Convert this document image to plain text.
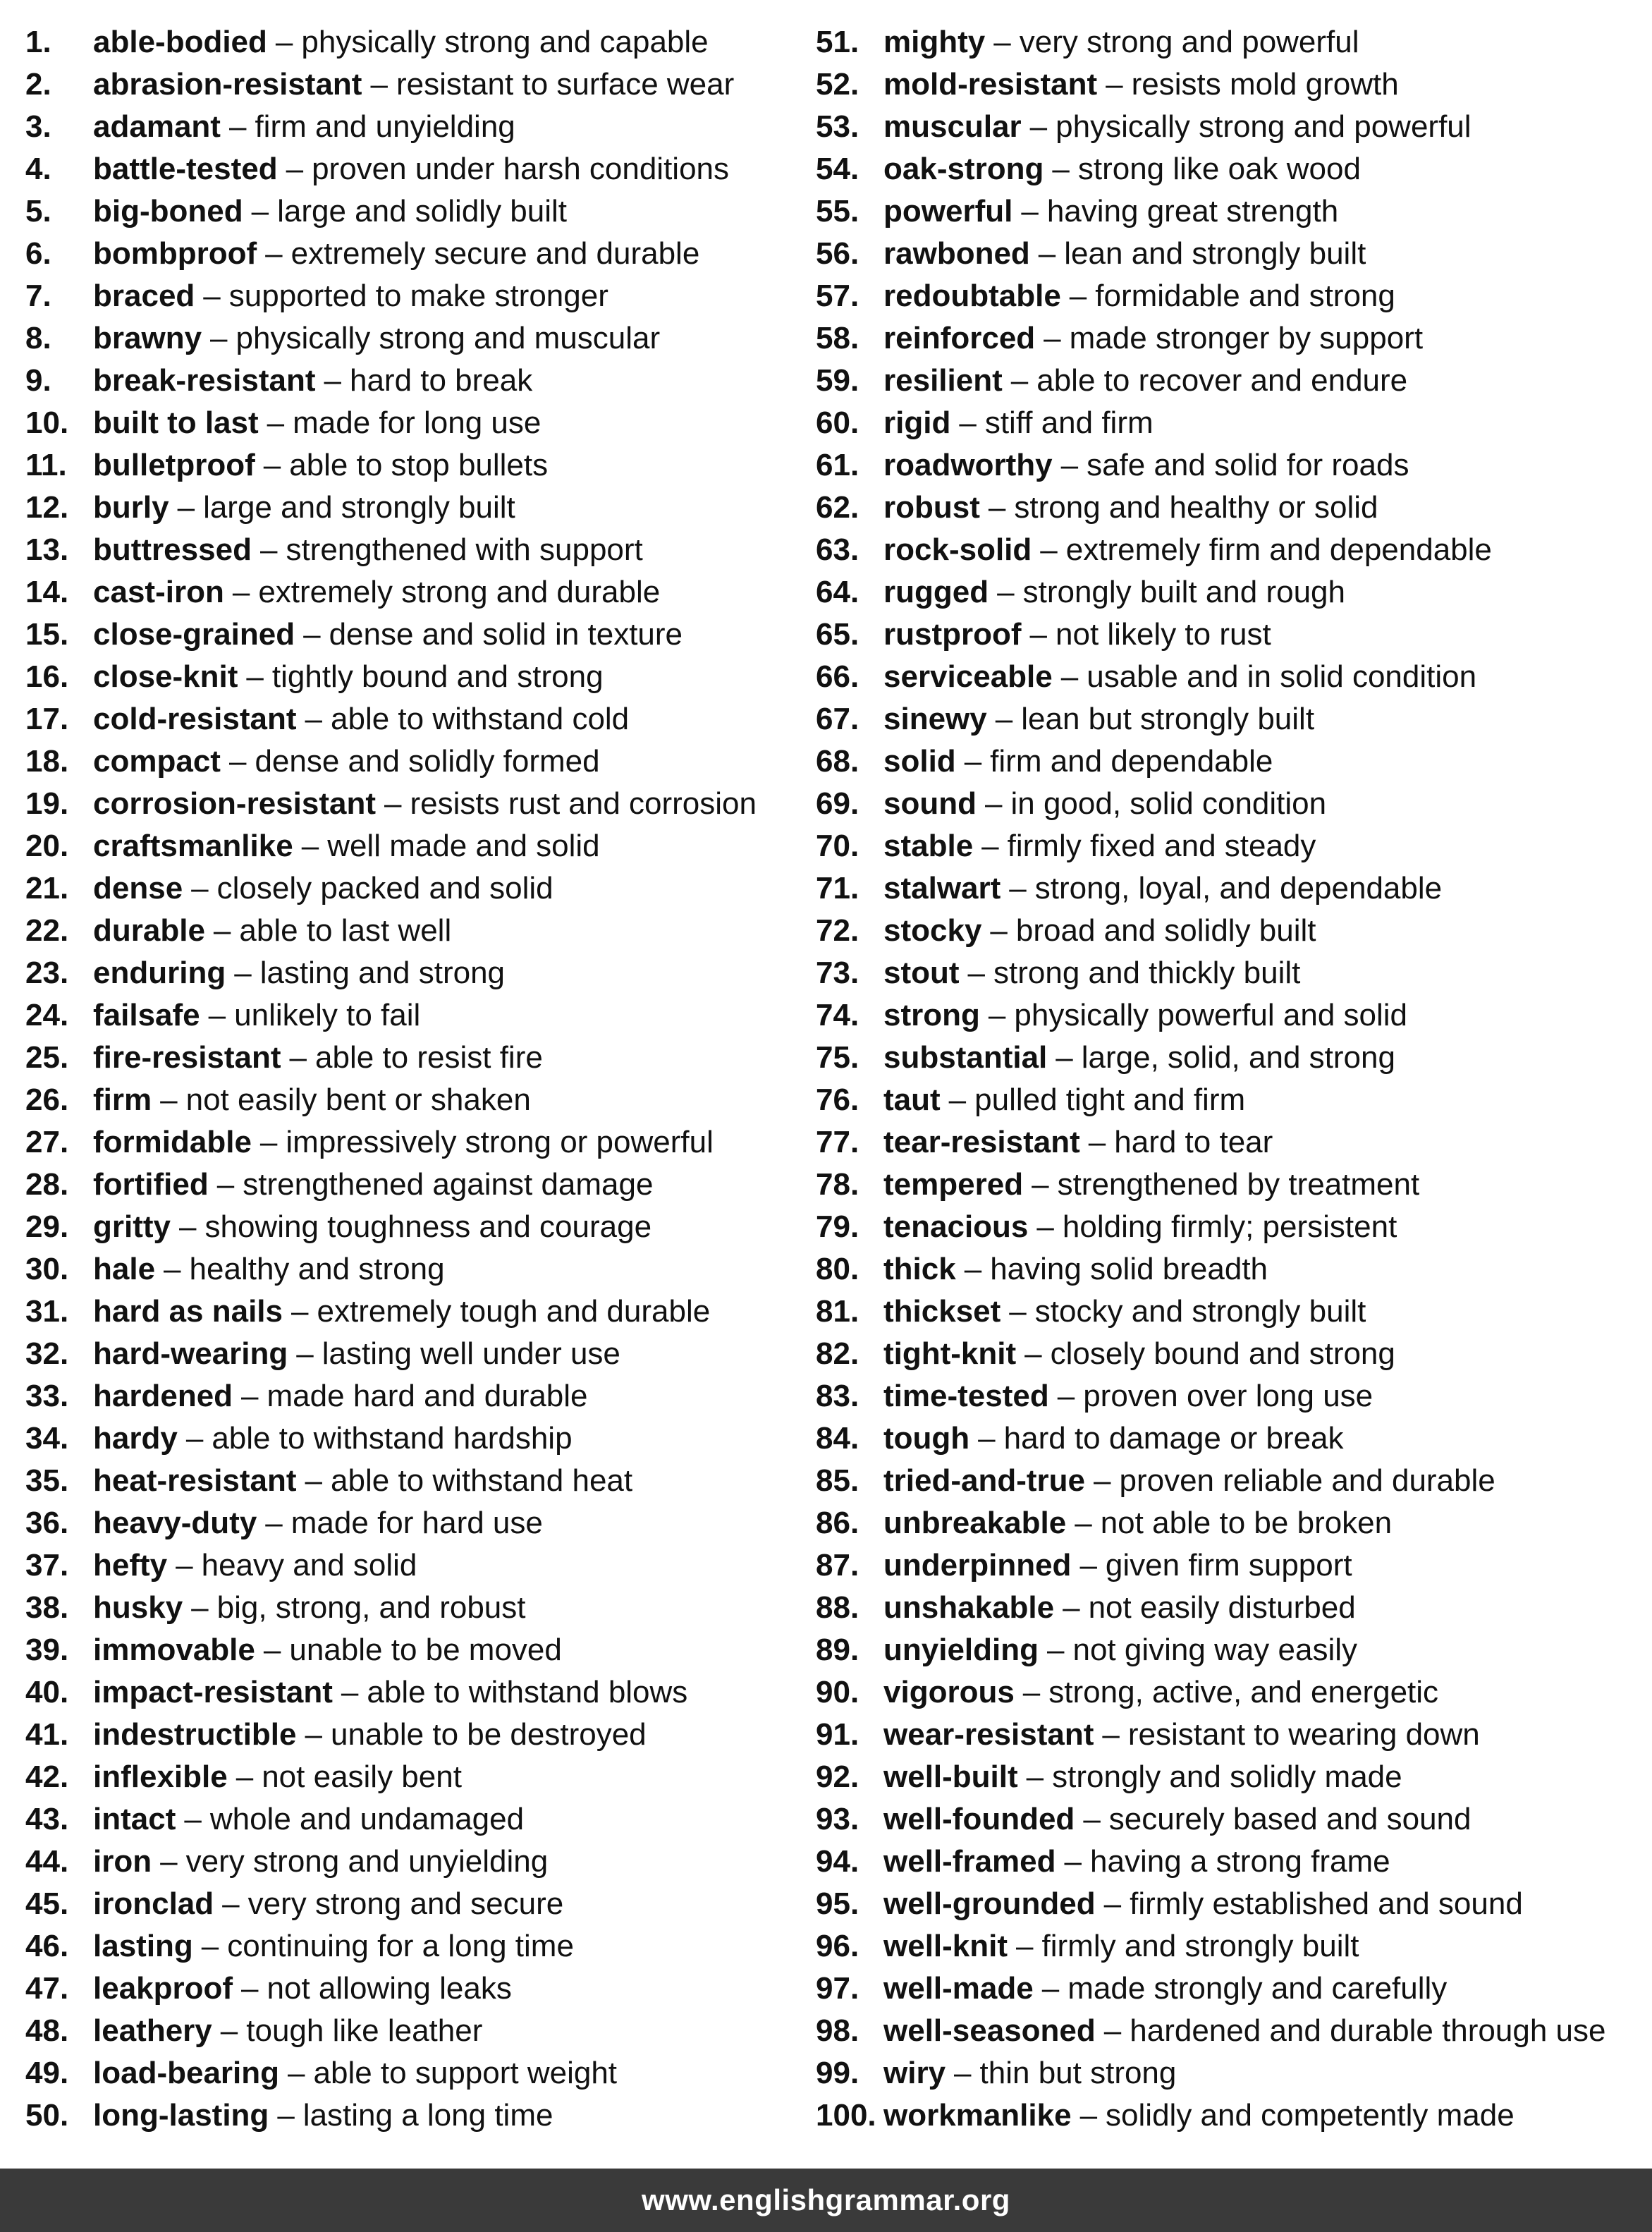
1.	able-bodied – physically strong and capable
2.	abrasion-resistant – resistant to surface wear
3.	adamant – firm and unyielding
4.	battle-tested – proven under harsh conditions
5.	big-boned – large and solidly built
6.	bombproof – extremely secure and durable
7.	braced – supported to make stronger
8.	brawny – physically strong and muscular
9.	break-resistant – hard to break
10. built to last – made for long use
11. bulletproof – able to stop bullets
12. burly – large and strongly built
13. buttressed – strengthened with support
14. cast-iron – extremely strong and durable
15. close-grained – dense and solid in texture
16. close-knit – tightly bound and strong
17. cold-resistant – able to withstand cold
18. compact – dense and solidly formed
19. corrosion-resistant – resists rust and corrosion
20. craftsmanlike – well made and solid
21. dense – closely packed and solid
22. durable – able to last well
23. enduring – lasting and strong
24. failsafe – unlikely to fail
25. fire-resistant – able to resist fire
26. firm – not easily bent or shaken
27. formidable – impressively strong or powerful
28. fortified – strengthened against damage
29. gritty – showing toughness and courage
30. hale – healthy and strong
31. hard as nails – extremely tough and durable
32. hard-wearing – lasting well under use
33. hardened – made hard and durable
34. hardy – able to withstand hardship
35. heat-resistant – able to withstand heat
36. heavy-duty – made for hard use
37. hefty – heavy and solid
38. husky – big, strong, and robust
39. immovable – unable to be moved
40. impact-resistant – able to withstand blows
41. indestructible – unable to be destroyed
42. inflexible – not easily bent
43. intact – whole and undamaged
44. iron – very strong and unyielding
45. ironclad – very strong and secure
46. lasting – continuing for a long time
47. leakproof – not allowing leaks
48. leathery – tough like leather
49. load-bearing – able to support weight
50. long-lasting – lasting a long time
51. mighty – very strong and powerful
52. mold-resistant – resists mold growth
53. muscular – physically strong and powerful
54. oak-strong – strong like oak wood
55. powerful – having great strength
56. rawboned – lean and strongly built
57. redoubtable – formidable and strong
58. reinforced – made stronger by support
59. resilient – able to recover and endure
60. rigid – stiff and firm
61. roadworthy – safe and solid for roads
62. robust – strong and healthy or solid
63. rock-solid – extremely firm and dependable
64. rugged – strongly built and rough
65. rustproof – not likely to rust
66. serviceable – usable and in solid condition
67. sinewy – lean but strongly built
68. solid – firm and dependable
69. sound – in good, solid condition
70. stable – firmly fixed and steady
71. stalwart – strong, loyal, and dependable
72. stocky – broad and solidly built
73. stout – strong and thickly built
74. strong – physically powerful and solid
75. substantial – large, solid, and strong
76. taut – pulled tight and firm
77. tear-resistant – hard to tear
78. tempered – strengthened by treatment
79. tenacious – holding firmly; persistent
80. thick – having solid breadth
81. thickset – stocky and strongly built
82. tight-knit – closely bound and strong
83. time-tested – proven over long use
84. tough – hard to damage or break
85. tried-and-true – proven reliable and durable
86. unbreakable – not able to be broken
87. underpinned – given firm support
88. unshakable – not easily disturbed
89. unyielding – not giving way easily
90. vigorous – strong, active, and energetic
91. wear-resistant – resistant to wearing down
92. well-built – strongly and solidly made
93. well-founded – securely based and sound
94. well-framed – having a strong frame
95. well-grounded – firmly established and sound
96. well-knit – firmly and strongly built
97. well-made – made strongly and carefully
98. well-seasoned – hardened and durable through use
99. wiry – thin but strong
100. workmanlike – solidly and competently made
www.englishgrammar.org
